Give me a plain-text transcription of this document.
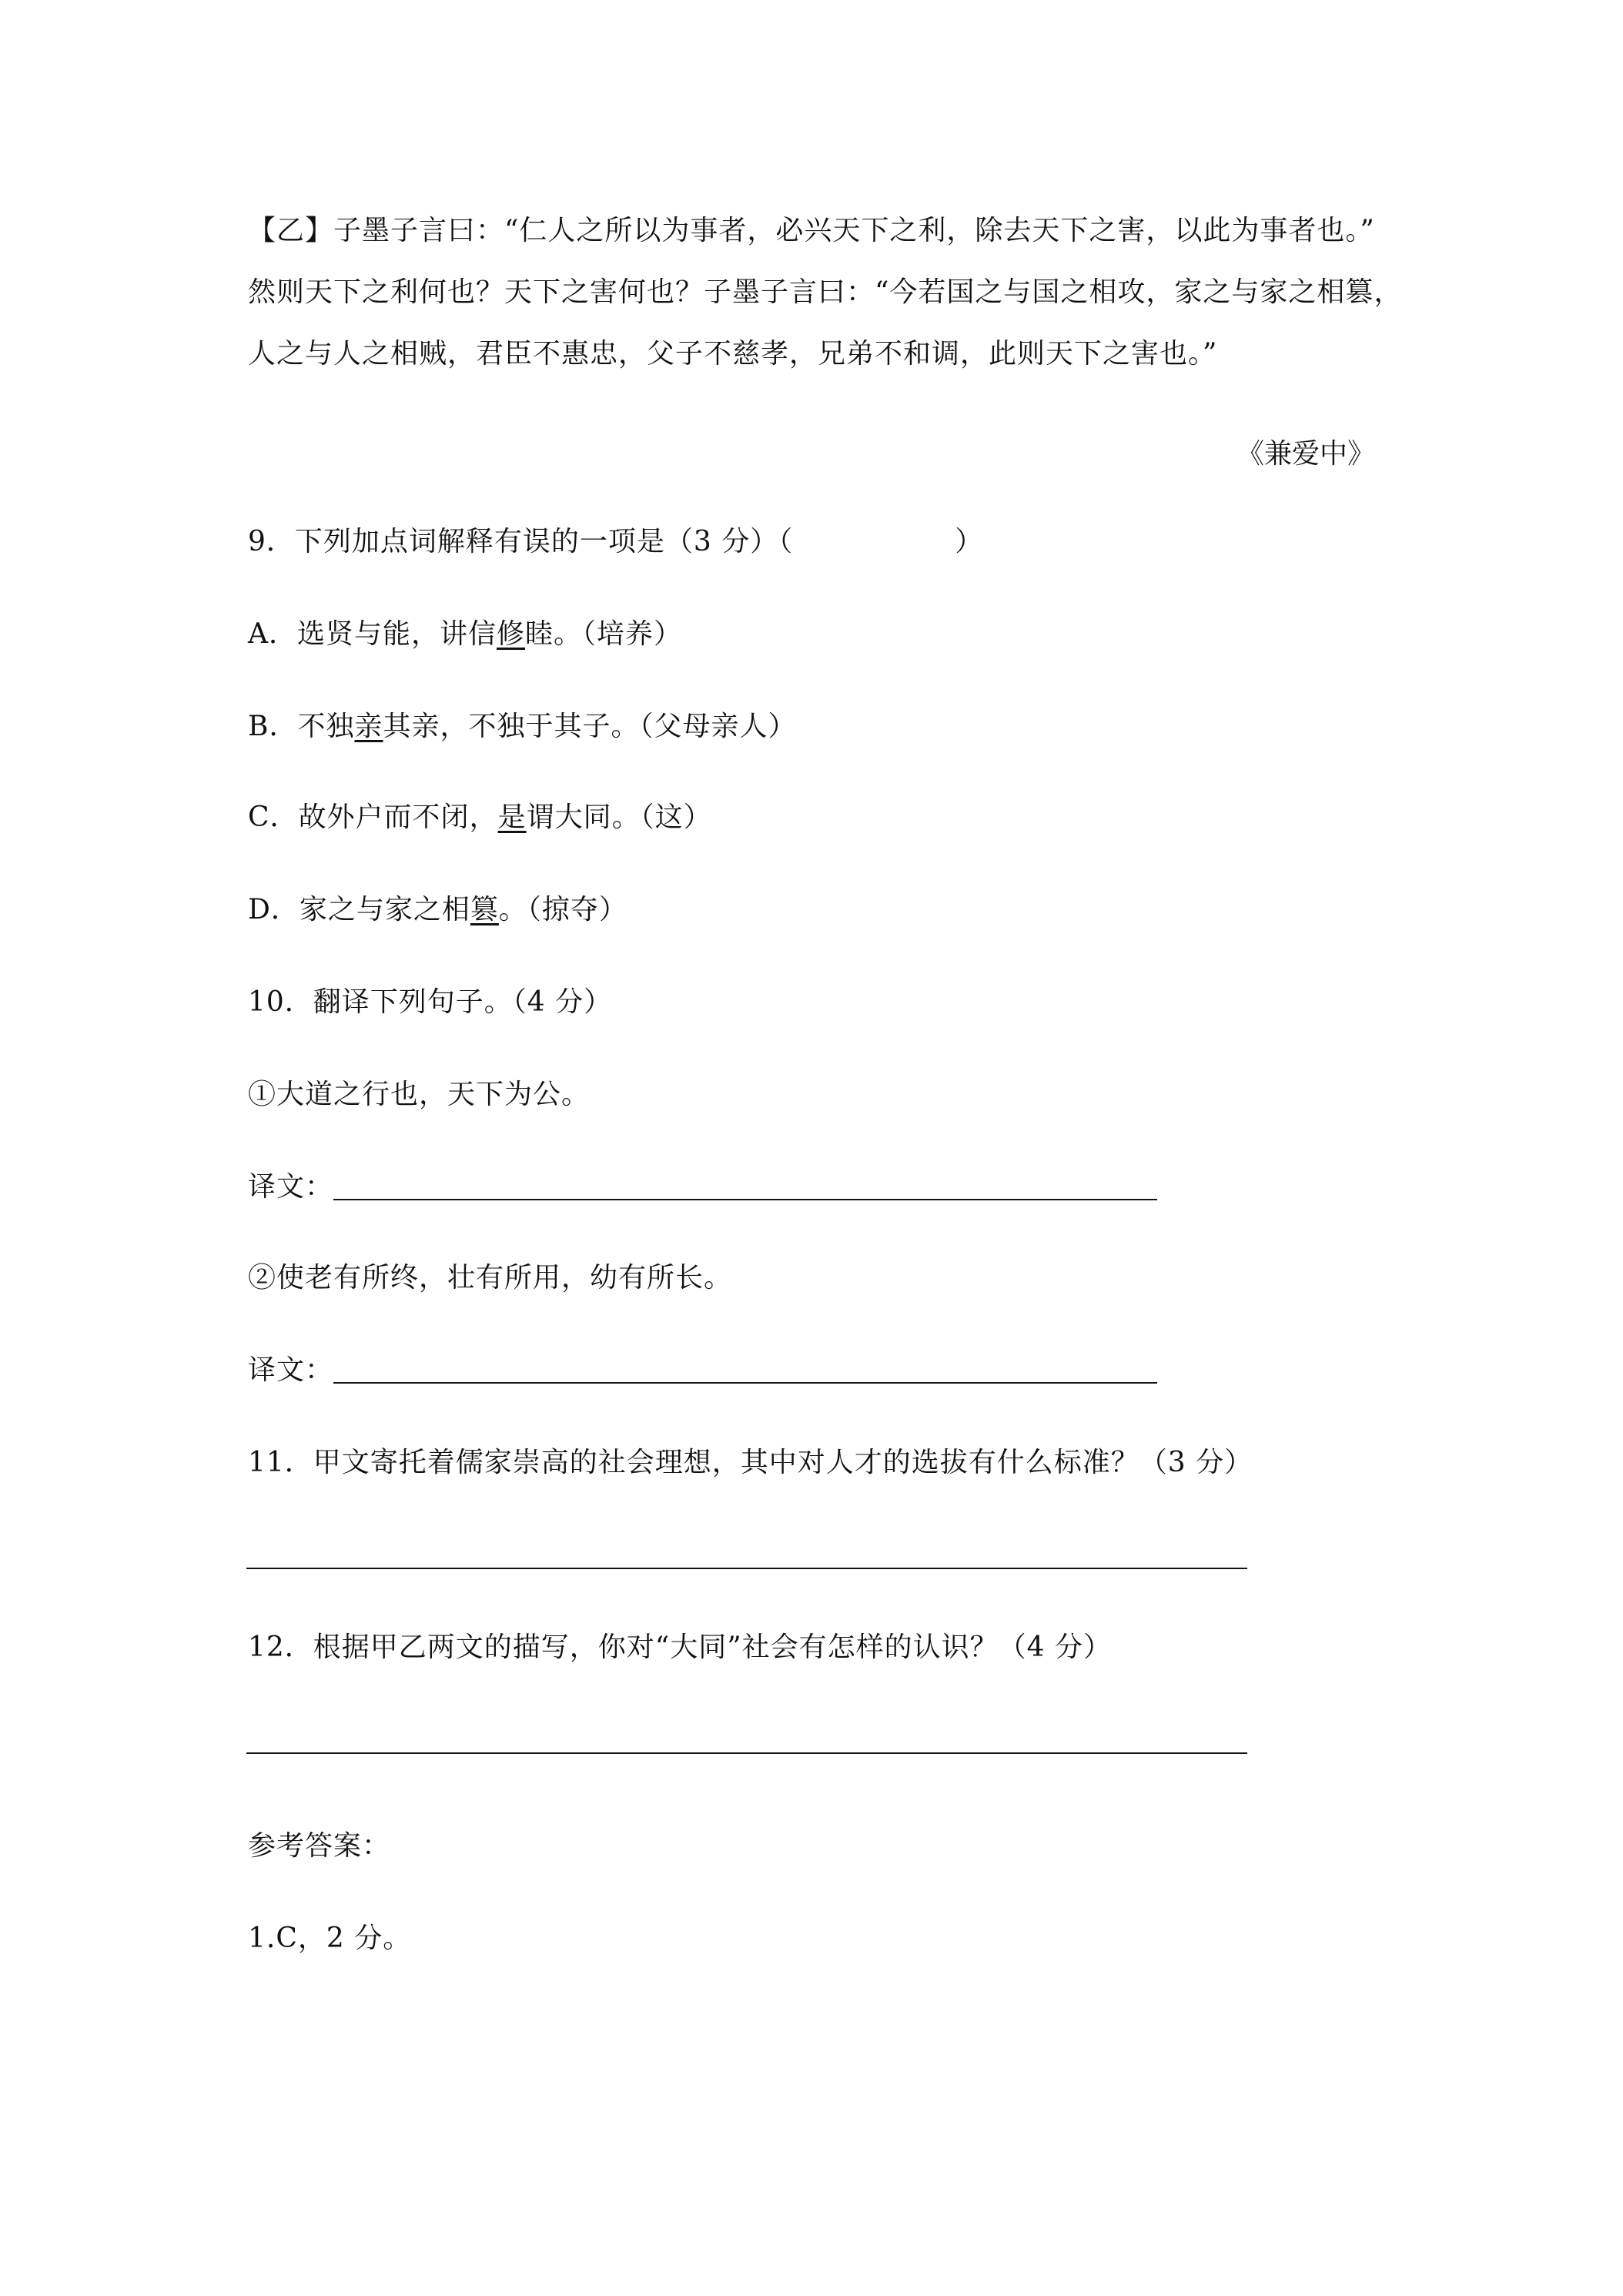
【乙】子墨子言曰：“仁人之所以为事者，必兴天下之利，除去天下之害，以此为事者也。”
然则天下之利何也？天下之害何也？子墨子言曰：“今若国之与国之相攻，家之与家之相篡，
人之与人之相贼，君臣不惠忠，父子不慈孝，兄弟不和调，此则天下之害也。”
《兼爱中》
9．下列加点词解释有误的一项是（3 分）（	）
A．选贤与能，讲信修睦。（培养）
B．不独亲其亲，不独于其子。（父母亲人）
C．故外户而不闭，是谓大同。（这）
D．家之与家之相篡。（掠夺）
10．翻译下列句子。（4 分）
①大道之行也，天下为公。
译文：
②使老有所终，壮有所用，幼有所长。
译文：
11．甲文寄托着儒家崇高的社会理想，其中对人才的选拔有什么标准？（3 分）
12．根据甲乙两文的描写，你对“大同”社会有怎样的认识？（4 分）
参考答案：
1.C，2 分。
